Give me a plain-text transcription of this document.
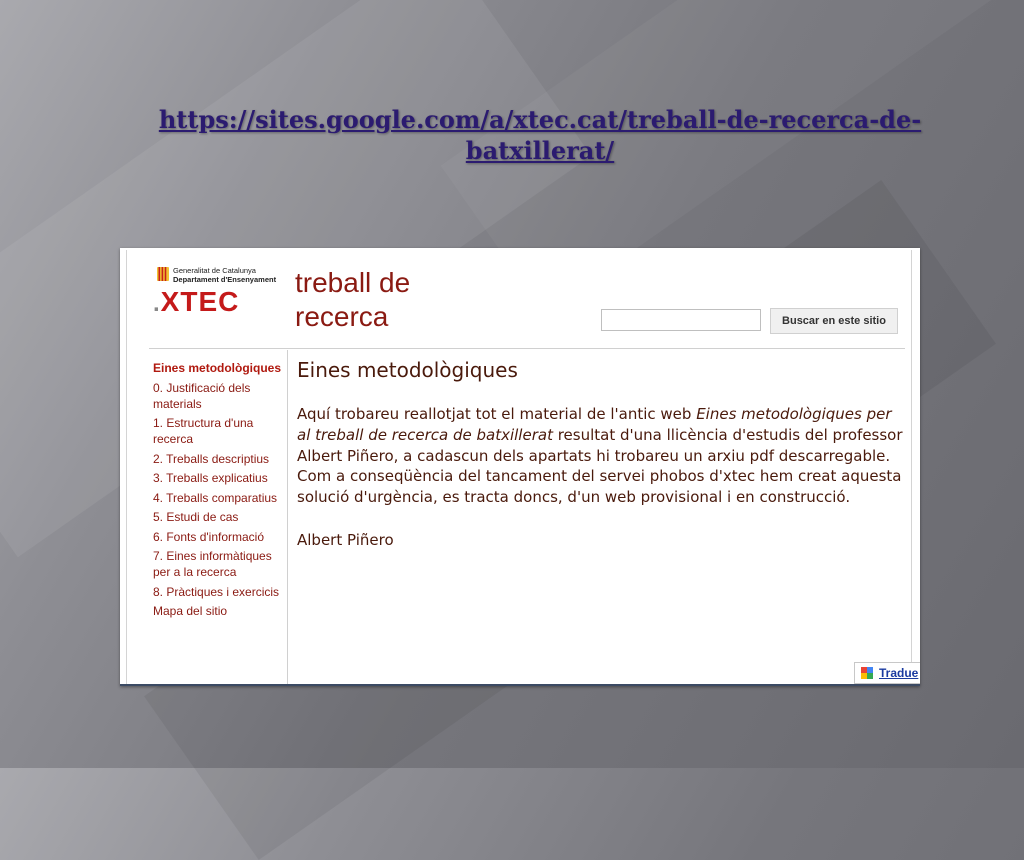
https://sites.google.com/a/xtec.cat/treball-de-recerca-de-
batxillerat/
Generalitat de Catalunya
Departament d'Ensenyament
.XTEC
treball de
recerca	Buscar en este sitio
Eines metodològiques
0. Justificació dels materials
1. Estructura d'una recerca
2. Treballs descriptius
3. Treballs explicatius
4. Treballs comparatius
5. Estudi de cas
6. Fonts d'informació
7. Eines informàtiques per a la recerca
8. Pràctiques i exercicis
Mapa del sitio
Eines metodològiques

Aquí trobareu reallotjat tot el material de l'antic web Eines metodològiques per al treball de recerca de batxillerat resultat d'una llicència d'estudis del professor Albert Piñero, a cadascun dels apartats hi trobareu un arxiu pdf descarregable. Com a conseqüència del tancament del servei phobos d'xtec hem creat aquesta solució d'urgència, es tracta doncs, d'un web provisional i en construcció.

Albert Piñero
Tradue
